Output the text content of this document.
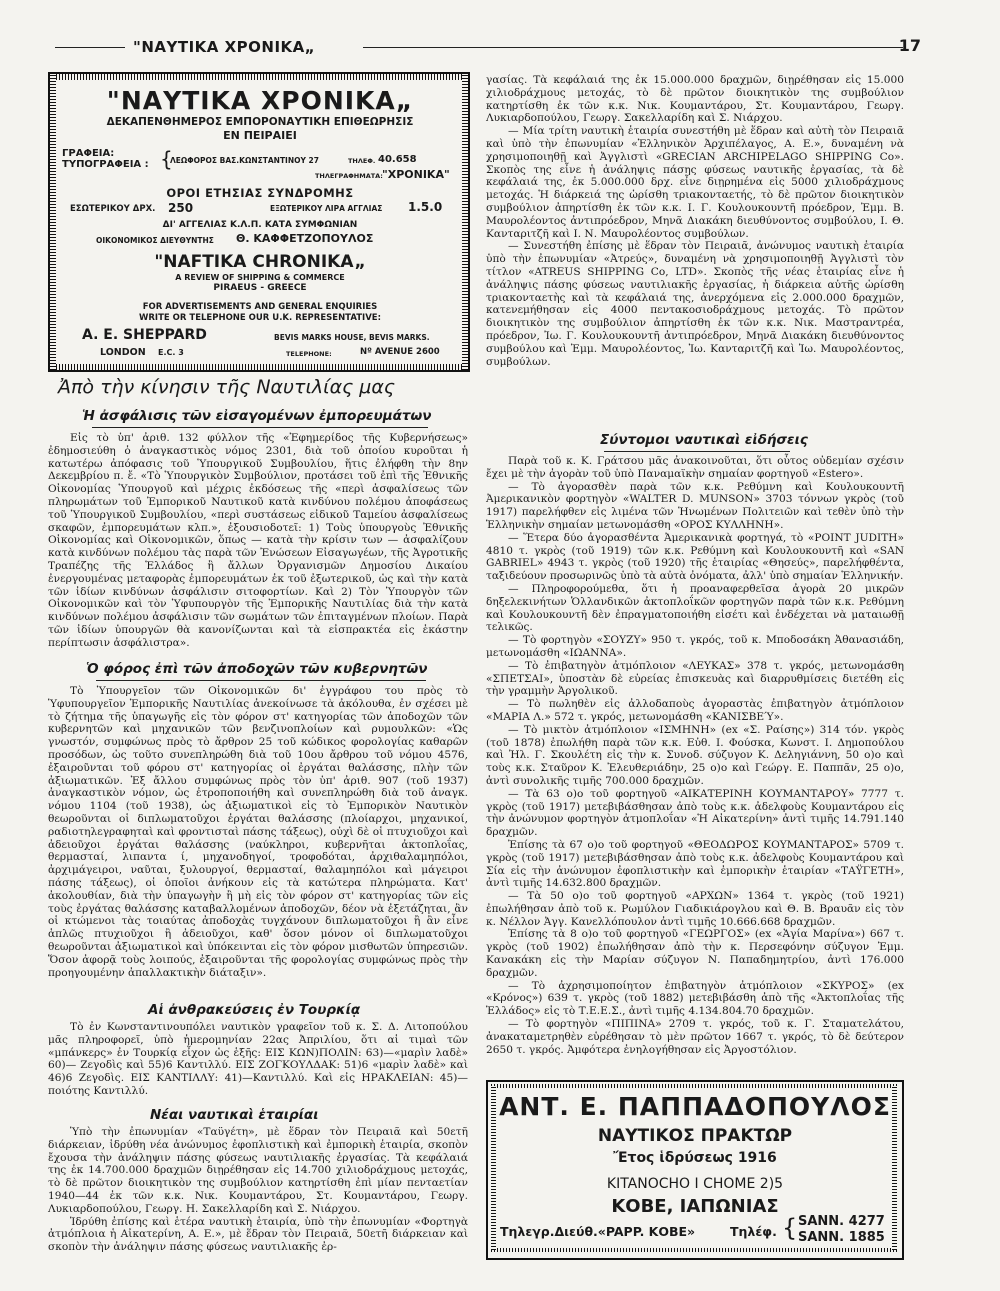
"ΝΑΥΤΙΚΑ ΧΡΟΝΙΚΑ„	17
"ΝΑΥΤΙΚΑ ΧΡΟΝΙΚΑ„
ΔΕΚΑΠΕΝΘΗΜΕΡΟΣ ΕΜΠΟΡΟΝΑΥΤΙΚΗ ΕΠΙΘΕΩΡΗΣΙΣ
ΕΝ ΠΕΙΡΑΙΕΙ
ΓΡΑΦΕΙΑ:
ΤΥΠΟΓΡΑΦΕΙΑ : {
ΛΕΩΦΟΡΟΣ ΒΑΣ.ΚΩΝΣΤΑΝΤΙΝΟΥ 27	ΤΗΛΕΦ. 40.658
ΤΗΛΕΓΡΑΦΗΜΑΤΑ: "ΧΡΟΝΙΚΑ"
ΟΡΟΙ ΕΤΗΣΙΑΣ ΣΥΝΔΡΟΜΗΣ
ΕΣΩΤΕΡΙΚΟΥ ΔΡΧ. 250	ΕΞΩΤΕΡΙΚΟΥ ΛΙΡΑ ΑΓΓΛΙΑΣ 1.5.0
ΔΙ' ΑΓΓΕΛΙΑΣ Κ.Λ.Π. ΚΑΤΑ ΣΥΜΦΩΝΙΑΝ
ΟΙΚΟΝΟΜΙΚΟΣ ΔΙΕΥΘΥΝΤΗΣ Θ. ΚΑΦΦΕΤΖΟΠΟΥΛΟΣ
"NAFTIKA CHRONIKA„
A REVIEW OF SHIPPING & COMMERCE
PIRAEUS - GREECE
FOR ADVERTISEMENTS AND GENERAL ENQUIRIES
WRITE OR TELEPHONE OUR U.K. REPRESENTATIVE:
A. E. SHEPPARD	BEVIS MARKS HOUSE, BEVIS MARKS.
LONDON E.C. 3	TELEPHONE:	Nº AVENUE 2600
Ἀπὸ τὴν κίνησιν τῆς Ναυτιλίας μας
Ἡ ἀσφάλισις τῶν εἰσαγομένων ἐμπορευμάτων

Εἰς τὸ ὑπ' ἀριθ. 132 φύλλον τῆς «Ἐφημερίδος τῆς Κυβερνήσεως» ἐδημοσιεύθη ὁ ἀναγκαστικὸς νόμος 2301, διὰ τοῦ ὁποίου κυροῦται ἡ κατωτέρω ἀπόφασις τοῦ Ὑπουργικοῦ Συμβουλίου, ἥτις ἐλήφθη τὴν 8ην Δεκεμβρίου π. ἔ. «Τὸ Ὑπουργικὸν Συμβούλιον, προτάσει τοῦ ἐπὶ τῆς Ἐθνικῆς Οἰκονομίας Ὑπουργοῦ καὶ μέχρις ἐκδόσεως τῆς «περὶ ἀσφαλίσεως τῶν πληρωμάτων τοῦ Ἐμπορικοῦ Ναυτικοῦ κατὰ κινδύνου πολέμου ἀποφάσεως τοῦ Ὑπουργικοῦ Συμβουλίου, «περὶ συστάσεως εἰδικοῦ Ταμείου ἀσφαλίσεως σκαφῶν, ἐμπορευμάτων κλπ.», ἐξουσιοδοτεῖ: 1) Τοὺς ὑπουργοὺς Ἐθνικῆς Οἰκονομίας καὶ Οἰκονομικῶν, ὅπως — κατὰ τὴν κρίσιν των — ἀσφαλίζουν κατὰ κινδύνων πολέμου τὰς παρὰ τῶν Ἐνώσεων Εἰσαγωγέων, τῆς Ἀγροτικῆς Τραπέζης τῆς Ἑλλάδος ἢ ἄλλων Ὀργανισμῶν Δημοσίου Δικαίου ἐνεργουμένας μεταφορὰς ἐμπορευμάτων ἐκ τοῦ ἐξωτερικοῦ, ὡς καὶ τὴν κατὰ τῶν ἰδίων κινδύνων ἀσφάλισιν σιτοφορτίων. Καὶ 2) Τὸν Ὑπουργὸν τῶν Οἰκονομικῶν καὶ τὸν Ὑφυπουργὸν τῆς Ἐμπορικῆς Ναυτιλίας διὰ τὴν κατὰ κινδύνων πολέμου ἀσφάλισιν τῶν σωμάτων τῶν ἐπιταγμένων πλοίων. Παρὰ τῶν ἰδίων ὑπουργῶν θὰ κανονίζωνται καὶ τὰ εἰσπρακτέα εἰς ἑκάστην περίπτωσιν ἀσφάλιστρα».

Ὁ φόρος ἐπὶ τῶν ἀποδοχῶν τῶν κυβερνητῶν

Τὸ Ὑπουργεῖον τῶν Οἰκονομικῶν δι' ἐγγράφου του πρὸς τὸ Ὑφυπουργεῖον Ἐμπορικῆς Ναυτιλίας ἀνεκοίνωσε τὰ ἀκόλουθα, ἐν σχέσει μὲ τὸ ζήτημα τῆς ὑπαγωγῆς εἰς τὸν φόρον στ' κατηγορίας τῶν ἀποδοχῶν τῶν κυβερνητῶν καὶ μηχανικῶν τῶν βενζινοπλοίων καὶ ρυμουλκῶν: «Ὡς γνωστόν, συμφώνως πρὸς τὸ ἄρθρον 25 τοῦ κώδικος φορολογίας καθαρῶν προσόδων, ὡς τοῦτο συνεπληρώθη διὰ τοῦ 10ου ἄρθρου τοῦ νόμου 4576, ἐξαιροῦνται τοῦ φόρου στ' κατηγορίας οἱ ἐργάται θαλάσσης, πλὴν τῶν ἀξιωματικῶν. Ἐξ ἄλλου συμφώνως πρὸς τὸν ὑπ' ἀριθ. 907 (τοῦ 1937) ἀναγκαστικὸν νόμον, ὡς ἐτροποποιήθη καὶ συνεπληρώθη διὰ τοῦ ἀναγκ. νόμου 1104 (τοῦ 1938), ὡς ἀξιωματικοὶ εἰς τὸ Ἐμπορικὸν Ναυτικὸν θεωροῦνται οἱ διπλωματοῦχοι ἐργάται θαλάσσης (πλοίαρχοι, μηχανικοί, ραδιοτηλεγραφηταὶ καὶ φροντισταὶ πάσης τάξεως), οὐχὶ δὲ οἱ πτυχιοῦχοι καὶ ἀδειοῦχοι ἐργάται θαλάσσης (ναύκληροι, κυβερνῆται ἀκτοπλοΐας, θερμασταί, λιπαντα ί, μηχανοδηγοί, τροφοδόται, ἀρχιθαλαμηπόλοι, ἀρχιμάγειροι, ναῦται, ξυλουργοί, θερμασταί, θαλαμηπόλοι καὶ μάγειροι πάσης τάξεως), οἱ ὁποῖοι ἀνήκουν εἰς τὰ κατώτερα πληρώματα. Κατ' ἀκολουθίαν, διὰ τὴν ὑπαγωγὴν ἢ μὴ εἰς τὸν φόρον στ' κατηγορίας τῶν εἰς τοὺς ἐργάτας θαλάσσης καταβαλλομένων ἀποδοχῶν, δέον νὰ ἐξετάζηται, ἂν οἱ κτώμενοι τὰς τοιαύτας ἀποδοχὰς τυγχάνουν διπλωματοῦχοι ἢ ἂν εἶνε ἁπλῶς πτυχιοῦχοι ἢ ἀδειοῦχοι, καθ' ὅσον μόνον οἱ διπλωματοῦχοι θεωροῦνται ἀξιωματικοὶ καὶ ὑπόκεινται εἰς τὸν φόρον μισθωτῶν ὑπηρεσιῶν. Ὅσον ἀφορᾷ τοὺς λοιπούς, ἐξαιροῦνται τῆς φορολογίας συμφώνως πρὸς τὴν προηγουμένην ἀπαλλακτικὴν διάταξιν».

Αἱ ἀνθρακεύσεις ἐν Τουρκίᾳ

Τὸ ἐν Κωνσταντινουπόλει ναυτικὸν γραφεῖον τοῦ κ. Σ. Δ. Λιτοπούλου μᾶς πληροφορεῖ, ὑπὸ ἡμερομηνίαν 22ας Ἀπριλίου, ὅτι αἱ τιμαὶ τῶν «μπάνκερς» ἐν Τουρκίᾳ εἶχον ὡς ἑξῆς: ΕΙΣ ΚΩΝ)ΠΟΛΙΝ: 63)—«μαρὶν λαδὲ» 60)— Ζεγοδὶς καὶ 55)6 Καντιλλύ. ΕΙΣ ΖΟΓΚΟΥΛΔΑΚ: 51)6 «μαρὶν λαδὲ» καὶ 46)6 Ζεγοδὶς. ΕΙΣ ΚΑΝΤΙΛΛΥ: 41)—Καντιλλύ. Καὶ εἰς ΗΡΑΚΛΕΙΑΝ: 45)— ποιότης Καντιλλύ.

Νέαι ναυτικαὶ ἑταιρίαι

Ὑπὸ τὴν ἐπωνυμίαν «Ταϋγέτη», μὲ ἕδραν τὸν Πειραιᾶ καὶ 50ετῆ διάρκειαν, ἱδρύθη νέα ἀνώνυμος ἐφοπλιστικὴ καὶ ἐμπορικὴ ἑταιρία, σκοπὸν ἔχουσα τὴν ἀνάληψιν πάσης φύσεως ναυτιλιακῆς ἐργασίας. Τὰ κεφάλαιά της ἐκ 14.700.000 δραχμῶν διῃρέθησαν εἰς 14.700 χιλιοδράχμους μετοχάς, τὸ δὲ πρῶτον διοικητικὸν της συμβούλιον κατηρτίσθη ἐπὶ μίαν πενταετίαν 1940—44 ἐκ τῶν κ.κ. Νικ. Κουμαντάρου, Στ. Κουμαντάρου, Γεωργ. Λυκιαρδοπούλου, Γεωργ. Η. Σακελλαρίδη καὶ Σ. Νιάρχου.

Ἱδρύθη ἐπίσης καὶ ἑτέρα ναυτικὴ ἑταιρία, ὑπὸ τὴν ἐπωνυμίαν «Φορτηγὰ ἀτμόπλοια ἡ Αἰκατερίνη, Α. Ε.», μὲ ἕδραν τὸν Πειραιᾶ, 50ετῆ διάρκειαν καὶ σκοπὸν τὴν ἀνάληψιν πάσης φύσεως ναυτιλιακῆς ἐρ-

γασίας. Τὰ κεφάλαιά της ἐκ 15.000.000 δραχμῶν, διῃρέθησαν εἰς 15.000 χιλιοδράχμους μετοχάς, τὸ δὲ πρῶτον διοικητικὸν της συμβούλιον κατηρτίσθη ἐκ τῶν κ.κ. Νικ. Κουμαντάρου, Στ. Κουμαντάρου, Γεωργ. Λυκιαρδοπούλου, Γεωργ. Σακελλαρίδη καὶ Σ. Νιάρχου.

— Μία τρίτη ναυτικὴ ἑταιρία συνεστήθη μὲ ἕδραν καὶ αὐτὴ τὸν Πειραιᾶ καὶ ὑπὸ τὴν ἐπωνυμίαν «Ἑλληνικὸν Ἀρχιπέλαγος, Α. Ε.», δυναμένη νὰ χρησιμοποιηθῇ καὶ Ἀγγλιστὶ «GRECIAN ARCHIPELAGO SHIPPING Co». Σκοπὸς της εἶνε ἡ ἀνάληψις πάσης φύσεως ναυτικῆς ἐργασίας, τὰ δὲ κεφάλαιά της, ἐκ 5.000.000 δρχ. εἶνε διῃρημένα εἰς 5000 χιλιοδράχμους μετοχάς. Ἡ διάρκειά της ὡρίσθη τριακονταετής, τὸ δὲ πρῶτον διοικητικὸν συμβούλιον ἀπηρτίσθη ἐκ τῶν κ.κ. Ι. Γ. Κουλουκουντῆ πρόεδρον, Ἐμμ. Β. Μαυρολέοντος ἀντιπρόεδρον, Μηνᾶ Διακάκη διευθύνοντος συμβούλου, Ι. Θ. Κανταριτζῆ καὶ Ι. Ν. Μαυρολέοντος συμβούλων.

— Συνεστήθη ἐπίσης μὲ ἕδραν τὸν Πειραιᾶ, ἀνώνυμος ναυτικὴ ἑταιρία ὑπὸ τὴν ἐπωνυμίαν «Ἀτρεύς», δυναμένη νὰ χρησιμοποιηθῇ Ἀγγλιστὶ τὸν τίτλον «ATREUS SHIPPING Co, LTD». Σκοπὸς τῆς νέας ἑταιρίας εἶνε ἡ ἀνάληψις πάσης φύσεως ναυτιλιακῆς ἐργασίας, ἡ διάρκεια αὐτῆς ὡρίσθη τριακονταετὴς καὶ τὰ κεφάλαιά της, ἀνερχόμενα εἰς 2.000.000 δραχμῶν, κατενεμήθησαν εἰς 4000 πεντακοσιοδράχμους μετοχάς. Τὸ πρῶτον διοικητικὸν της συμβούλιον ἀπηρτίσθη ἐκ τῶν κ.κ. Νικ. Μαστραντρέα, πρόεδρον, Ἰω. Γ. Κουλουκουντῆ ἀντιπρόεδρον, Μηνᾶ Διακάκη διευθύνοντος συμβούλου καὶ Ἐμμ. Μαυρολέοντος, Ἰω. Κανταριτζῆ καὶ Ἰω. Μαυρολέοντος, συμβούλων.

Σύντομοι ναυτικαὶ εἰδήσεις

Παρὰ τοῦ κ. Κ. Γράτσου μᾶς ἀνακοινοῦται, ὅτι οὗτος οὐδεμίαν σχέσιν ἔχει μὲ τὴν ἀγορὰν τοῦ ὑπὸ Παναμαϊκὴν σημαίαν φορτηγοῦ «Estero».

— Τὸ ἀγορασθὲν παρὰ τῶν κ.κ. Ρεθύμνη καὶ Κουλουκουντῆ Ἀμερικανικὸν φορτηγὸν «WALTER D. MUNSON» 3703 τόννων γκρὸς (τοῦ 1917) παρελήφθεν εἰς λιμένα τῶν Ἡνωμένων Πολιτειῶν καὶ τεθὲν ὑπὸ τὴν Ἑλληνικὴν σημαίαν μετωνομάσθη «ΟΡΟΣ ΚΥΛΛΗΝΗ».

— Ἕτερα δύο ἀγορασθέντα Ἀμερικανικὰ φορτηγά, τὸ «POINT JUDITH» 4810 τ. γκρὸς (τοῦ 1919) τῶν κ.κ. Ρεθύμνη καὶ Κουλουκουντῆ καὶ «SAN GABRIEL» 4943 τ. γκρὸς (τοῦ 1920) τῆς ἑταιρίας «Θησεύς», παρελήφθέντα, ταξιδεύουν προσωρινῶς ὑπὸ τὰ αὐτὰ ὀνόματα, ἀλλ' ὑπὸ σημαίαν Ἑλληνικήν.

— Πληροφορούμεθα, ὅτι ἡ προαναφερθεῖσα ἀγορὰ 20 μικρῶν δηξελεκινήτων Ὁλλανδικῶν ἀκτοπλοΐκῶν φορτηγῶν παρὰ τῶν κ.κ. Ρεθύμνη καὶ Κουλουκουντῆ δὲν ἐπραγματοποιήθη εἰσέτι καὶ ἐνδέχεται νὰ ματαιωθῇ τελικῶς.

— Τὸ φορτηγὸν «ΣΟΥΖΥ» 950 τ. γκρός, τοῦ κ. Μποδοσάκη Ἀθανασιάδη, μετωνομάσθη «ΙΩΑΝΝΑ».

— Τὸ ἐπιβατηγὸν ἀτμόπλοιον «ΛΕΥΚΑΣ» 378 τ. γκρός, μετωνομάσθη «ΣΠΕΤΣΑΙ», ὑποστὰν δὲ εὐρείας ἐπισκευὰς καὶ διαρρυθμίσεις διετέθη εἰς τὴν γραμμὴν Ἀργολικοῦ.

— Τὸ πωληθὲν εἰς ἀλλοδαποὺς ἀγοραστὰς ἐπιβατηγὸν ἀτμόπλοιον «ΜΑΡΙΑ Λ.» 572 τ. γκρός, μετωνομάσθη «ΚΑΝΙΣΒΕΎ».

— Τὸ μικτὸν ἀτμόπλοιον «ΙΣΜΗΝΗ» (ex «Σ. Ραίσης») 314 τόν. γκρὸς (τοῦ 1878) ἐπωλήθη παρὰ τῶν κ.κ. Εὐθ. Ι. Φούσκα, Κωνστ. Ι. Δημοπούλου καὶ Ἠλ. Γ. Σκουλέτη εἰς τὴν κ. Συνοδ. σύζυγον Κ. Δεληγιάννη, 50 ο)ο καὶ τοὺς κ.κ. Σταῦρον Κ. Ἐλευθεριάδην, 25 ο)ο καὶ Γεώργ. Ε. Παππᾶν, 25 ο)ο, ἀντὶ συνολικῆς τιμῆς 700.000 δραχμῶν.

— Τὰ 63 ο)ο τοῦ φορτηγοῦ «ΑΙΚΑΤΕΡΙΝΗ ΚΟΥΜΑΝΤΑΡΟΥ» 7777 τ. γκρὸς (τοῦ 1917) μετεβιβάσθησαν ἀπὸ τοὺς κ.κ. ἀδελφοὺς Κουμαντάρου εἰς τὴν ἀνώνυμον φορτηγὸν ἀτμοπλοΐαν «Ἡ Αἰκατερίνη» ἀντὶ τιμῆς 14.791.140 δραχμῶν.

Ἐπίσης τὰ 67 ο)ο τοῦ φορτηγοῦ «ΘΕΟΔΩΡΟΣ ΚΟΥΜΑΝΤΑΡΟΣ» 5709 τ. γκρὸς (τοῦ 1917) μετεβιβάσθησαν ἀπὸ τοὺς κ.κ. ἀδελφοὺς Κουμαντάρου καὶ Σία εἰς τὴν ἀνώνυμον ἐφοπλιστικὴν καὶ ἐμπορικὴν ἑταιρίαν «ΤΑΫΓΕΤΗ», ἀντὶ τιμῆς 14.632.800 δραχμῶν.

— Τὰ 50 ο)ο τοῦ φορτηγοῦ «ΑΡΧΩΝ» 1364 τ. γκρὸς (τοῦ 1921) ἐπωλήθησαν ἀπὸ τοῦ κ. Ρωμύλον Γιαδικιάρογλου καὶ Θ. Β. Βραυᾶν εἰς τὸν κ. Νέλλον Ἀγγ. Κανελλόπουλον ἀντὶ τιμῆς 10.666.668 δραχμῶν.

Ἐπίσης τὰ 8 ο)ο τοῦ φορτηγοῦ «ΓΕΩΡΓΟΣ» (ex «Ἁγία Μαρίνα») 667 τ. γκρὸς (τοῦ 1902) ἐπωλήθησαν ἀπὸ τὴν κ. Περσεφόνην σύζυγον Ἐμμ. Κανακάκη εἰς τὴν Μαρίαν σύζυγον Ν. Παπαδημητρίου, ἀντὶ 176.000 δραχμῶν.

— Τὸ ἀχρησιμοποίητον ἐπιβατηγὸν ἀτμόπλοιον «ΣΚΥΡΟΣ» (ex «Κρόνος») 639 τ. γκρὸς (τοῦ 1882) μετεβιβάσθη ἀπὸ τῆς «Ἀκτοπλοΐας τῆς Ἑλλάδος» εἰς τὸ Τ.Ε.Ε.Σ., ἀντὶ τιμῆς 4.134.804.70 δραχμῶν.

— Τὸ φορτηγὸν «ΠΙΠΙΝΑ» 2709 τ. γκρός, τοῦ κ. Γ. Σταματελάτου, ἀνακαταμετρηθὲν εὑρέθησαν τὸ μὲν πρῶτον 1667 τ. γκρός, τὸ δὲ δεύτερον 2650 τ. γκρός. Ἀμφότερα ἐνηλογήθησαν εἰς Ἀργοστόλιον.

ΑΝΤ. Ε. ΠΑΠΠΑΔΟΠΟΥΛΟΣ
ΝΑΥΤΙΚΟΣ ΠΡΑΚΤΩΡ
Ἔτος ἱδρύσεως 1916
KITANOCHO I CHOME 2)5
ΚΟΒΕ, ΙΑΠΩΝΙΑΣ
Τηλεγρ.Διεύθ.«PAPP. ΚΟΒΕ»	Τηλέφ. { SANN. 4277
SANN. 1885
